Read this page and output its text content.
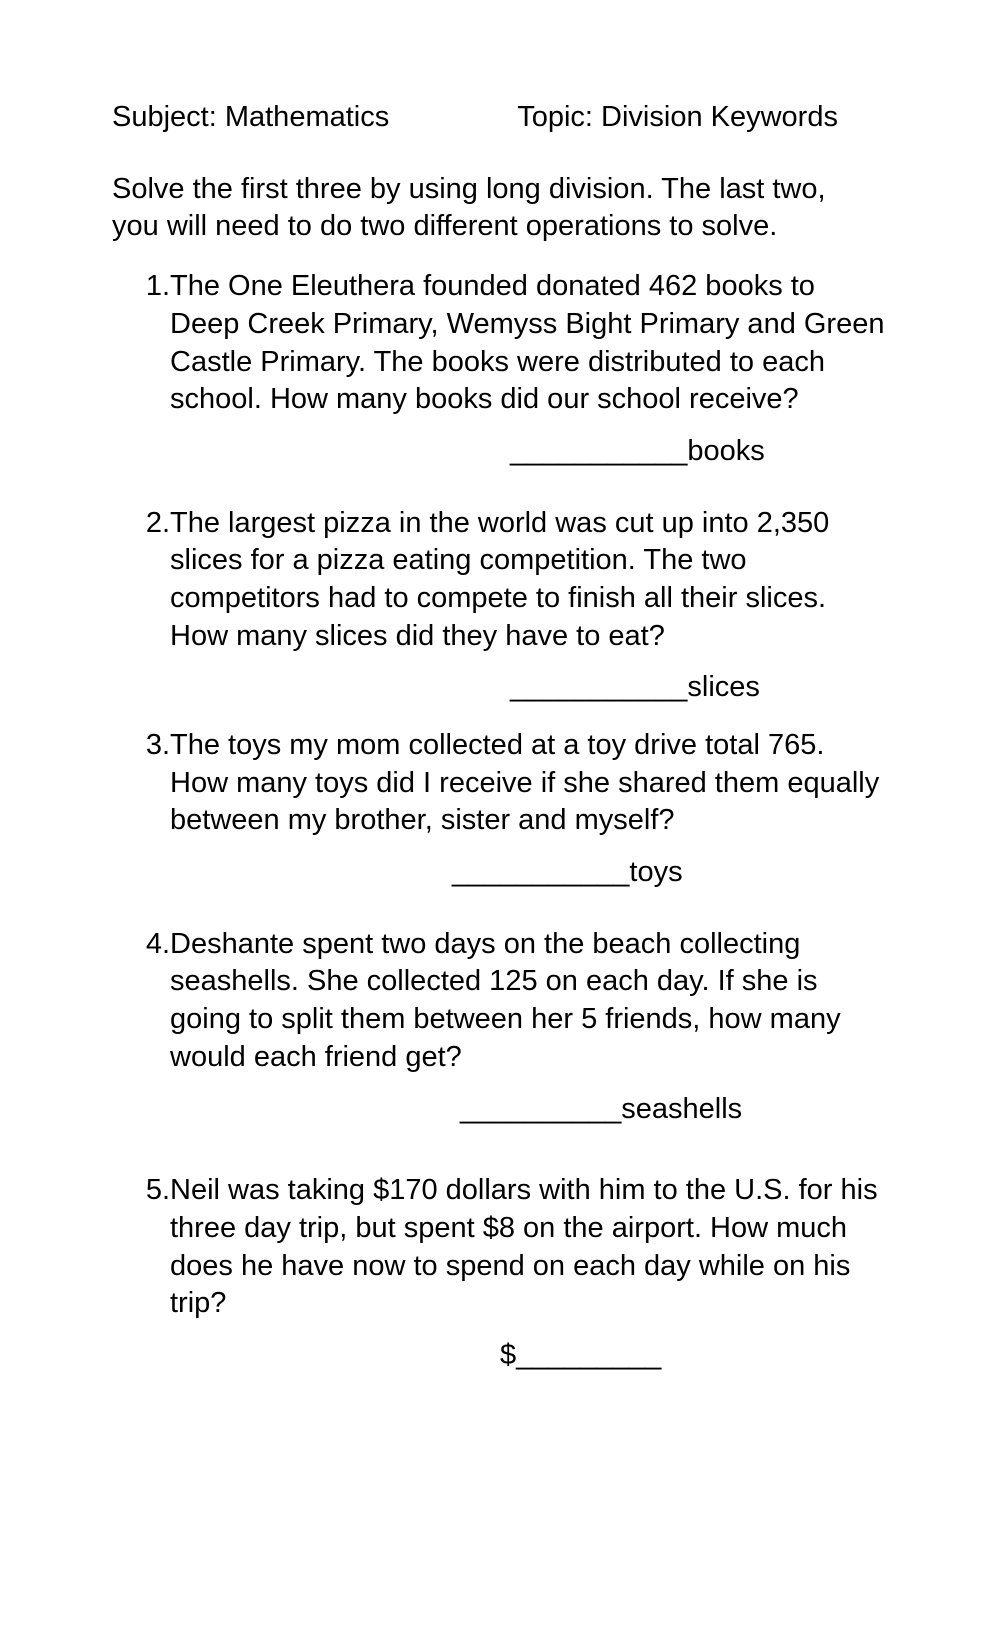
Subject: Mathematics	Topic: Division Keywords

Solve the first three by using long division. The last two, you will need to do two different operations to solve.

1. The One Eleuthera founded donated 462 books to Deep Creek Primary, Wemyss Bight Primary and Green Castle Primary. The books were distributed to each school. How many books did our school receive?
___________books
2. The largest pizza in the world was cut up into 2,350 slices for a pizza eating competition. The two competitors had to compete to finish all their slices. How many slices did they have to eat?
___________slices
3. The toys my mom collected at a toy drive total 765. How many toys did I receive if she shared them equally between my brother, sister and myself?
___________toys
4. Deshante spent two days on the beach collecting seashells. She collected 125 on each day. If she is going to split them between her 5 friends, how many would each friend get?
__________seashells
5. Neil was taking $170 dollars with him to the U.S. for his three day trip, but spent $8 on the airport. How much does he have now to spend on each day while on his trip?
$_________
